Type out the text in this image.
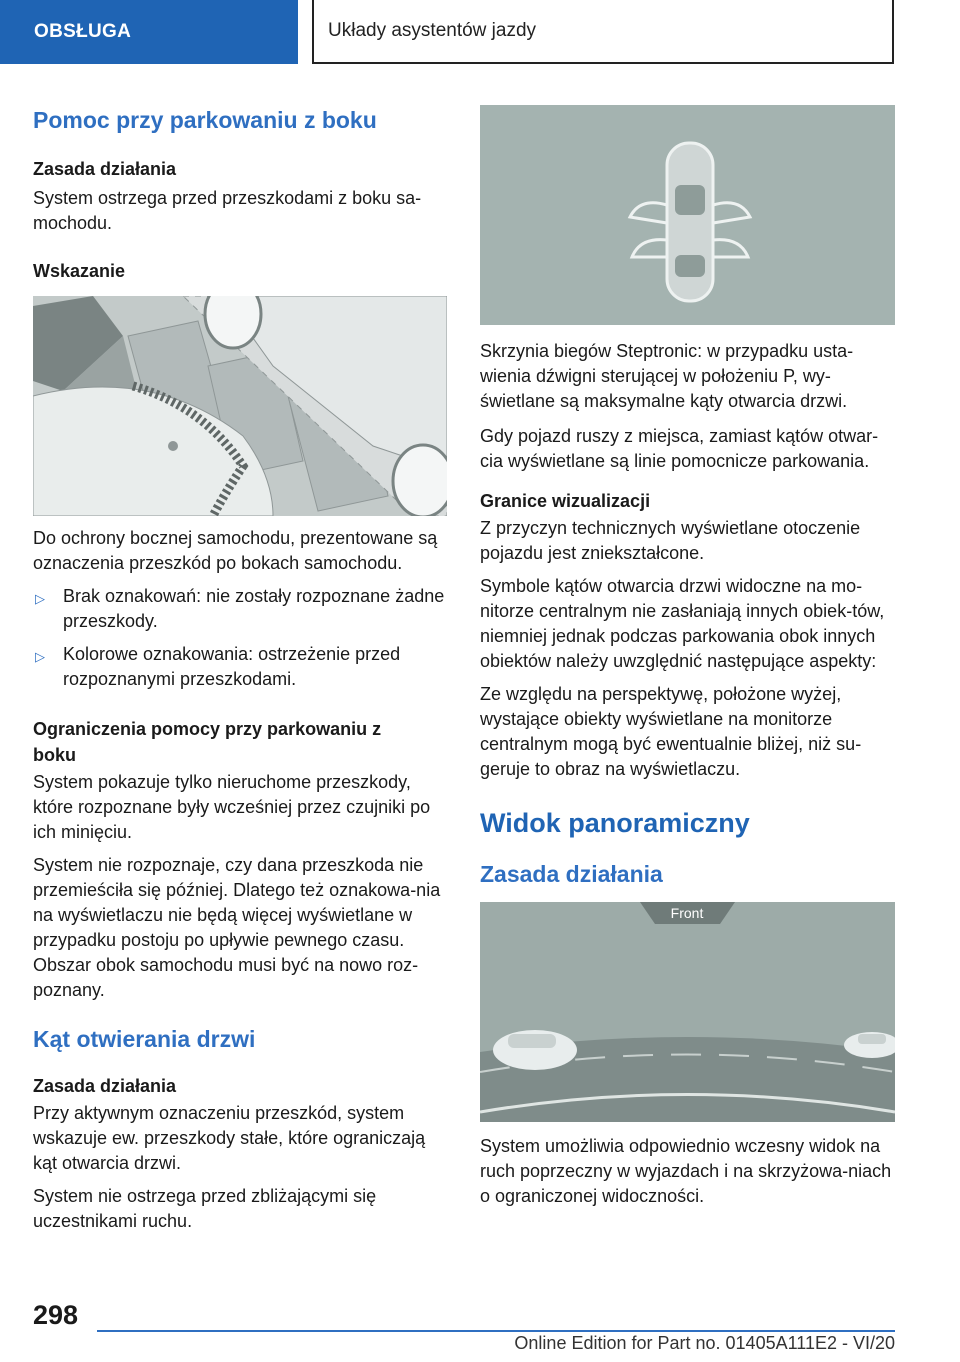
OBSŁUGA	Układy asystentów jazdy
Pomoc przy parkowaniu z boku
Zasada działania

System ostrzega przed przeszkodami z boku sa-mochodu.

Wskazanie

Do ochrony bocznej samochodu, prezentowane są oznaczenia przeszkód po bokach samochodu.

▷	Brak oznakowań: nie zostały rozpoznane żadne przeszkody.
▷	Kolorowe oznakowania: ostrzeżenie przed rozpoznanymi przeszkodami.
Ograniczenia pomocy przy parkowaniu z boku

System pokazuje tylko nieruchome przeszkody, które rozpoznane były wcześniej przez czujniki po ich minięciu.

System nie rozpoznaje, czy dana przeszkoda nie przemieściła się później. Dlatego też oznakowa-nia na wyświetlaczu nie będą więcej wyświetlane w przypadku postoju po upływie pewnego czasu. Obszar obok samochodu musi być na nowo roz-poznany.

Kąt otwierania drzwi
Zasada działania

Przy aktywnym oznaczeniu przeszkód, system wskazuje ew. przeszkody stałe, które ograniczają kąt otwarcia drzwi.

System nie ostrzega przed zbliżającymi się uczestnikami ruchu.

Skrzynia biegów Steptronic: w przypadku usta-wienia dźwigni sterującej w położeniu P, wy-świetlane są maksymalne kąty otwarcia drzwi.

Gdy pojazd ruszy z miejsca, zamiast kątów otwar-cia wyświetlane są linie pomocnicze parkowania.

Granice wizualizacji

Z przyczyn technicznych wyświetlane otoczenie pojazdu jest zniekształcone.

Symbole kątów otwarcia drzwi widoczne na mo-nitorze centralnym nie zasłaniają innych obiek-tów, niemniej jednak podczas parkowania obok innych obiektów należy uwzględnić następujące aspekty:

Ze względu na perspektywę, położone wyżej, wystające obiekty wyświetlane na monitorze centralnym mogą być ewentualnie bliżej, niż su-geruje to obraz na wyświetlaczu.

Widok panoramiczny
Zasada działania
Front

System umożliwia odpowiednio wczesny widok na ruch poprzeczny w wyjazdach i na skrzyżowa-niach o ograniczonej widoczności.

298
Online Edition for Part no. 01405A111E2 - VI/20
